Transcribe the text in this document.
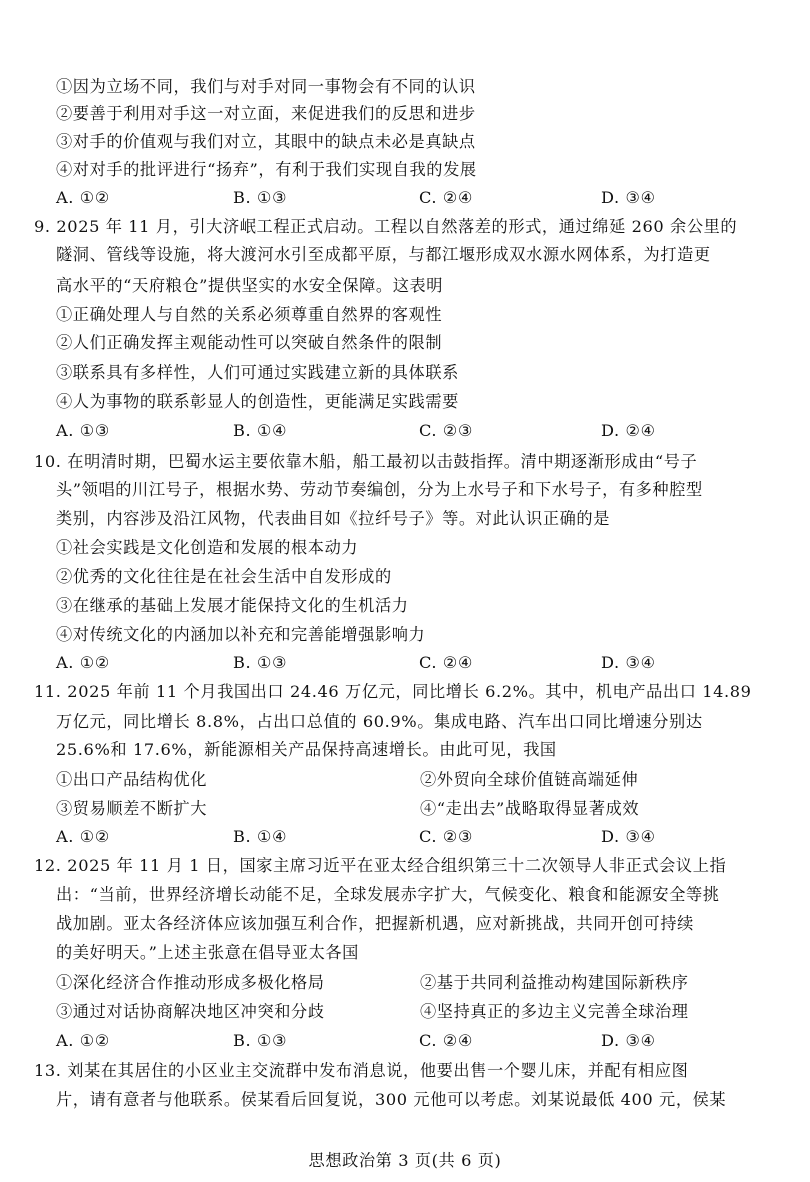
①因为立场不同，我们与对手对同一事物会有不同的认识
②要善于利用对手这一对立面，来促进我们的反思和进步
③对手的价值观与我们对立，其眼中的缺点未必是真缺点
④对对手的批评进行“扬弃”，有利于我们实现自我的发展
A. ①②	B. ①③	C. ②④	D. ③④
9. 2025 年 11 月，引大济岷工程正式启动。工程以自然落差的形式，通过绵延 260 余公里的
隧洞、管线等设施，将大渡河水引至成都平原，与都江堰形成双水源水网体系，为打造更
高水平的“天府粮仓”提供坚实的水安全保障。这表明
①正确处理人与自然的关系必须尊重自然界的客观性
②人们正确发挥主观能动性可以突破自然条件的限制
③联系具有多样性，人们可通过实践建立新的具体联系
④人为事物的联系彰显人的创造性，更能满足实践需要
A. ①③	B. ①④	C. ②③	D. ②④
10. 在明清时期，巴蜀水运主要依靠木船，船工最初以击鼓指挥。清中期逐渐形成由“号子
头”领唱的川江号子，根据水势、劳动节奏编创，分为上水号子和下水号子，有多种腔型
类别，内容涉及沿江风物，代表曲目如《拉纤号子》等。对此认识正确的是
①社会实践是文化创造和发展的根本动力
②优秀的文化往往是在社会生活中自发形成的
③在继承的基础上发展才能保持文化的生机活力
④对传统文化的内涵加以补充和完善能增强影响力
A. ①②	B. ①③	C. ②④	D. ③④
11. 2025 年前 11 个月我国出口 24.46 万亿元，同比增长 6.2%。其中，机电产品出口 14.89
万亿元，同比增长 8.8%，占出口总值的 60.9%。集成电路、汽车出口同比增速分别达
25.6%和 17.6%，新能源相关产品保持高速增长。由此可见，我国
①出口产品结构优化	②外贸向全球价值链高端延伸
③贸易顺差不断扩大	④“走出去”战略取得显著成效
A. ①②	B. ①④	C. ②③	D. ③④
12. 2025 年 11 月 1 日，国家主席习近平在亚太经合组织第三十二次领导人非正式会议上指
出：“当前，世界经济增长动能不足，全球发展赤字扩大，气候变化、粮食和能源安全等挑
战加剧。亚太各经济体应该加强互利合作，把握新机遇，应对新挑战，共同开创可持续
的美好明天。”上述主张意在倡导亚太各国
①深化经济合作推动形成多极化格局	②基于共同利益推动构建国际新秩序
③通过对话协商解决地区冲突和分歧	④坚持真正的多边主义完善全球治理
A. ①②	B. ①③	C. ②④	D. ③④
13. 刘某在其居住的小区业主交流群中发布消息说，他要出售一个婴儿床，并配有相应图
片，请有意者与他联系。侯某看后回复说，300 元他可以考虑。刘某说最低 400 元，侯某
思想政治第 3 页(共 6 页)
